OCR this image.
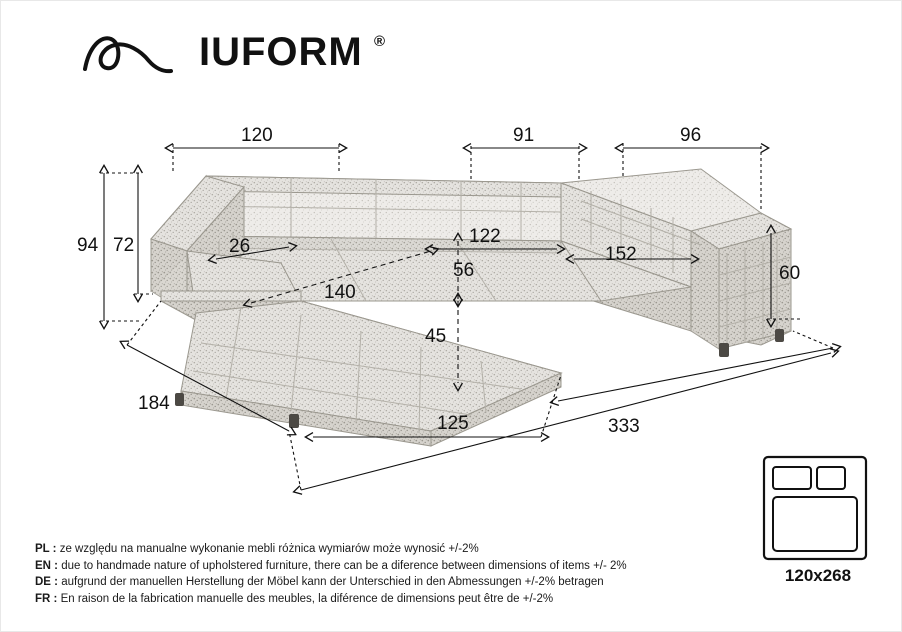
IUFORM ®
120	91	96
94 72	26	122
152
60
140
56
45
184
125	333
120x268
PL : ze względu na manualne wykonanie mebli różnica wymiarów może wynosić +/-2%
EN : due to handmade nature of upholstered furniture, there can be a diference between dimensions of items +/- 2%
DE : aufgrund der manuellen Herstellung der Möbel kann der Unterschied in den Abmessungen +/-2% betragen
FR : En raison de la fabrication manuelle des meubles, la diférence de dimensions peut être de +/-2%
